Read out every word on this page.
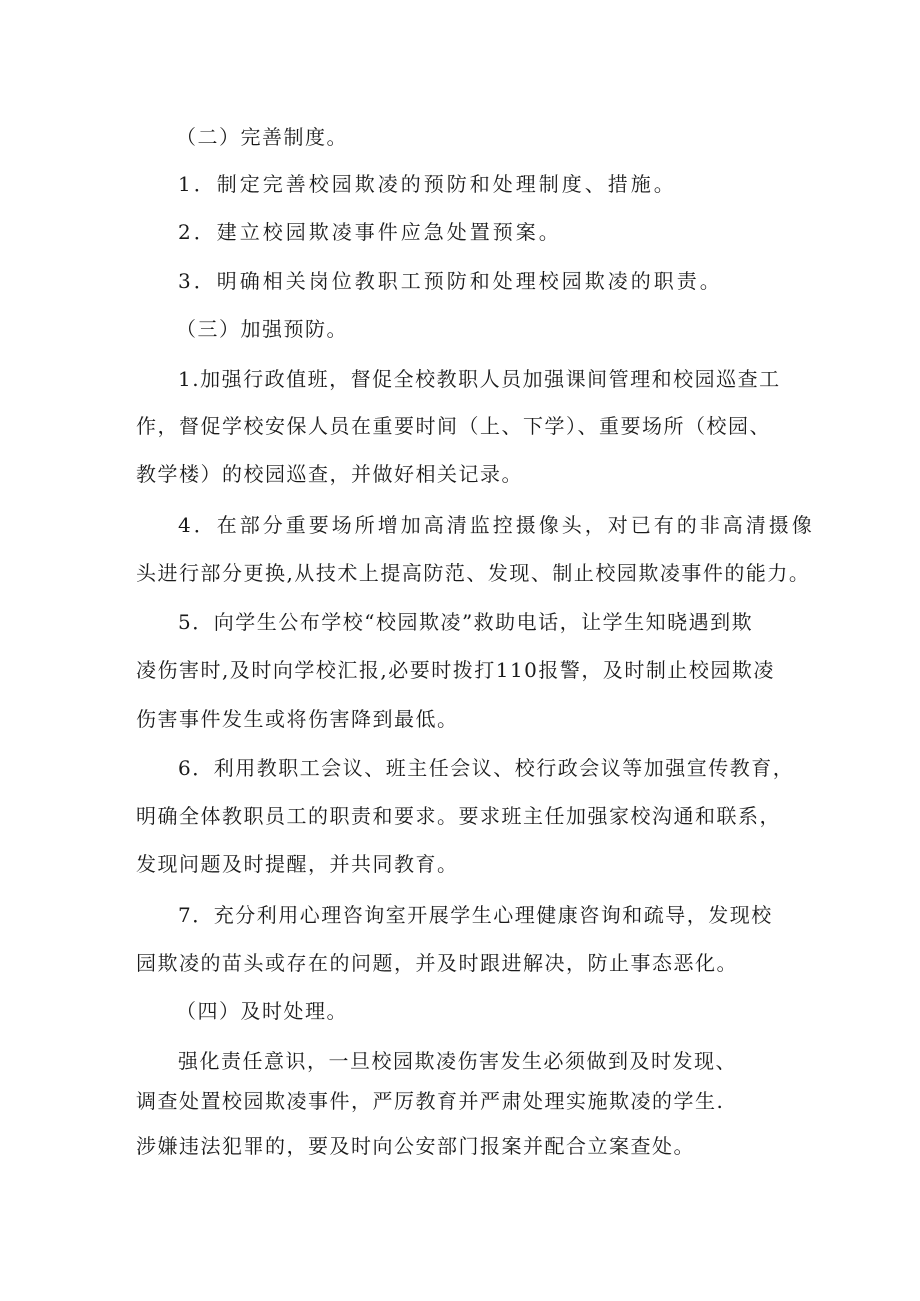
（二）完善制度。
1．制定完善校园欺凌的预防和处理制度、措施。
2．建立校园欺凌事件应急处置预案。
3．明确相关岗位教职工预防和处理校园欺凌的职责。
（三）加强预防。
1.加强行政值班，督促全校教职人员加强课间管理和校园巡查工
作，督促学校安保人员在重要时间（上、下学）、重要场所（校园、
教学楼）的校园巡查，并做好相关记录。
4．在部分重要场所增加高清监控摄像头，对已有的非高清摄像
头进行部分更换,从技术上提高防范、发现、制止校园欺凌事件的能力。
5．向学生公布学校“校园欺凌”救助电话，让学生知晓遇到欺
凌伤害时,及时向学校汇报,必要时拨打110报警，及时制止校园欺凌
伤害事件发生或将伤害降到最低。
6．利用教职工会议、班主任会议、校行政会议等加强宣传教育，
明确全体教职员工的职责和要求。要求班主任加强家校沟通和联系，
发现问题及时提醒，并共同教育。
7．充分利用心理咨询室开展学生心理健康咨询和疏导，发现校
园欺凌的苗头或存在的问题，并及时跟进解决，防止事态恶化。
（四）及时处理。
强化责任意识，一旦校园欺凌伤害发生必须做到及时发现、
调查处置校园欺凌事件，严厉教育并严肃处理实施欺凌的学生.
涉嫌违法犯罪的，要及时向公安部门报案并配合立案查处。
